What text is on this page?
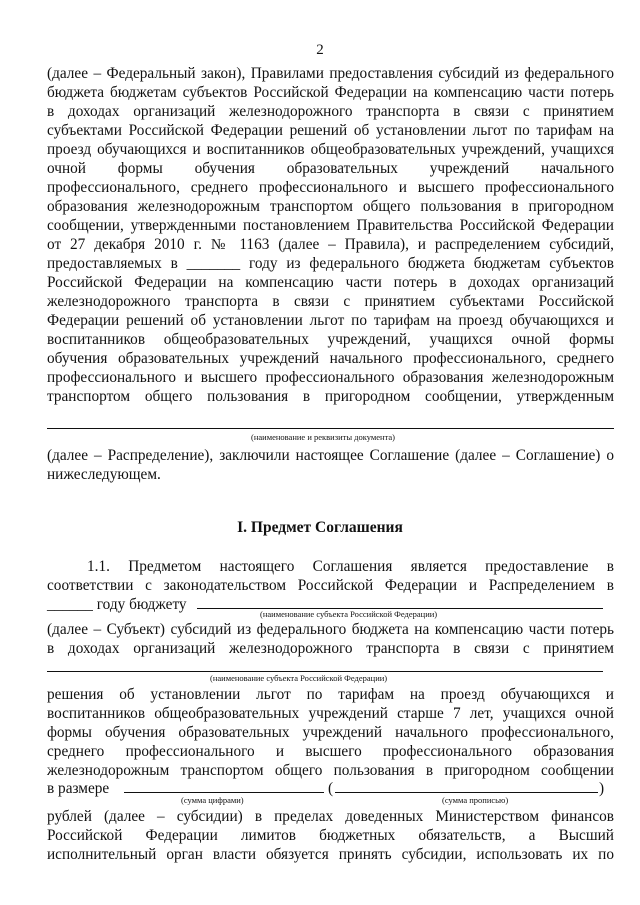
2
(далее – Федеральный закон), Правилами предоставления субсидий из федерального
бюджета бюджетам субъектов Российской Федерации на компенсацию части потерь
в доходах организаций железнодорожного транспорта в связи с принятием
субъектами Российской Федерации решений об установлении льгот по тарифам на
проезд обучающихся и воспитанников общеобразовательных учреждений, учащихся
очной формы обучения образовательных учреждений начального
профессионального, среднего профессионального и высшего профессионального
образования железнодорожным транспортом общего пользования в пригородном
сообщении, утвержденными постановлением Правительства Российской Федерации
от 27 декабря 2010 г. № 1163 (далее – Правила), и распределением субсидий,
предоставляемых в _______ году из федерального бюджета бюджетам субъектов
Российской Федерации на компенсацию части потерь в доходах организаций
железнодорожного транспорта в связи с принятием субъектами Российской
Федерации решений об установлении льгот по тарифам на проезд обучающихся и
воспитанников общеобразовательных учреждений, учащихся очной формы
обучения образовательных учреждений начального профессионального, среднего
профессионального и высшего профессионального образования железнодорожным
транспортом общего пользования в пригородном сообщении, утвержденным
(наименование и реквизиты документа)
(далее – Распределение), заключили настоящее Соглашение (далее – Соглашение) о
нижеследующем.
I. Предмет Соглашения
1.1. Предметом настоящего Соглашения является предоставление в
соответствии с законодательством Российской Федерации и Распределением в
______ году бюджету
(наименование субъекта Российской Федерации)
(далее – Субъект) субсидий из федерального бюджета на компенсацию части потерь
в доходах организаций железнодорожного транспорта в связи с принятием
(наименование субъекта Российской Федерации)
решения об установлении льгот по тарифам на проезд обучающихся и
воспитанников общеобразовательных учреждений старше 7 лет, учащихся очной
формы обучения образовательных учреждений начального профессионального,
среднего профессионального и высшего профессионального образования
железнодорожным транспортом общего пользования в пригородном сообщении
в размере	(	)
(сумма цифрами)	(сумма прописью)
рублей (далее – субсидии) в пределах доведенных Министерством финансов
Российской Федерации лимитов бюджетных обязательств, а Высший
исполнительный орган власти обязуется принять субсидии, использовать их по
